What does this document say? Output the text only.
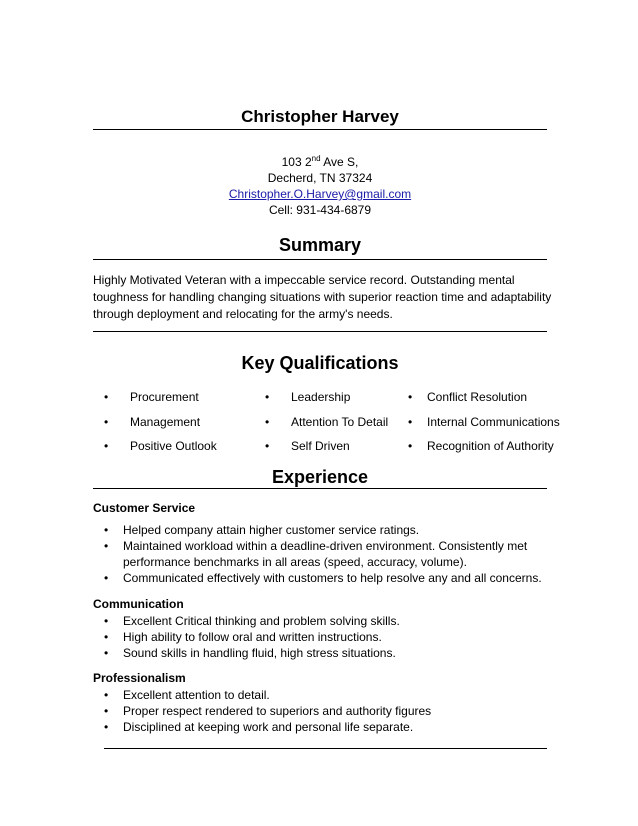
Christopher Harvey
103 2nd Ave S,
Decherd, TN 37324
Christopher.O.Harvey@gmail.com
Cell: 931-434-6879
Summary
Highly Motivated Veteran with a impeccable service record. Outstanding mental toughness for handling changing situations with superior reaction time and adaptability through deployment and relocating for the army's needs.
Key Qualifications
• Procurement
• Management
• Positive Outlook
• Leadership
• Attention To Detail
• Self Driven
• Conflict Resolution
• Internal Communications
• Recognition of Authority
Experience
Customer Service
• Helped company attain higher customer service ratings.
• Maintained workload within a deadline-driven environment. Consistently met performance benchmarks in all areas (speed, accuracy, volume).
• Communicated effectively with customers to help resolve any and all concerns.
Communication
• Excellent Critical thinking and problem solving skills.
• High ability to follow oral and written instructions.
• Sound skills in handling fluid, high stress situations.
Professionalism
• Excellent attention to detail.
• Proper respect rendered to superiors and authority figures
• Disciplined at keeping work and personal life separate.
